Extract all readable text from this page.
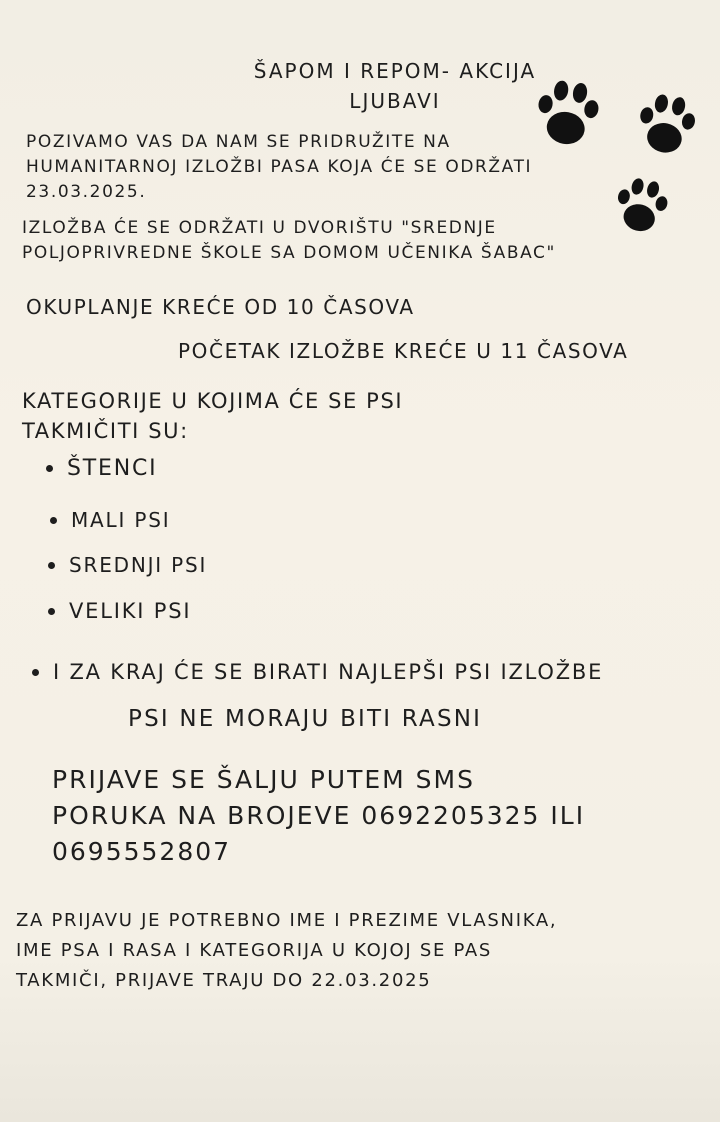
ŠAPOM I REPOM- AKCIJA
LJUBAVI
POZIVAMO VAS DA NAM SE PRIDRUŽITE NA
HUMANITARNOJ IZLOŽBI PASA KOJA ĆE SE ODRŽATI
23.03.2025.
IZLOŽBA ĆE SE ODRŽATI U DVORIŠTU "SREDNJE
POLJOPRIVREDNE ŠKOLE SA DOMOM UČENIKA ŠABAC"
OKUPLANJE KREĆE OD 10 ČASOVA
POČETAK IZLOŽBE KREĆE U 11 ČASOVA
KATEGORIJE U KOJIMA ĆE SE PSI
TAKMIČITI SU:
ŠTENCI
MALI PSI
SREDNJI PSI
VELIKI PSI
I ZA KRAJ ĆE SE BIRATI NAJLEPŠI PSI IZLOŽBE
PSI NE MORAJU BITI RASNI
PRIJAVE SE ŠALJU PUTEM SMS
PORUKA NA BROJEVE 0692205325 ILI
0695552807
ZA PRIJAVU JE POTREBNO IME I PREZIME VLASNIKA,
IME PSA I RASA I KATEGORIJA U KOJOJ SE PAS
TAKMIČI, PRIJAVE TRAJU DO 22.03.2025
